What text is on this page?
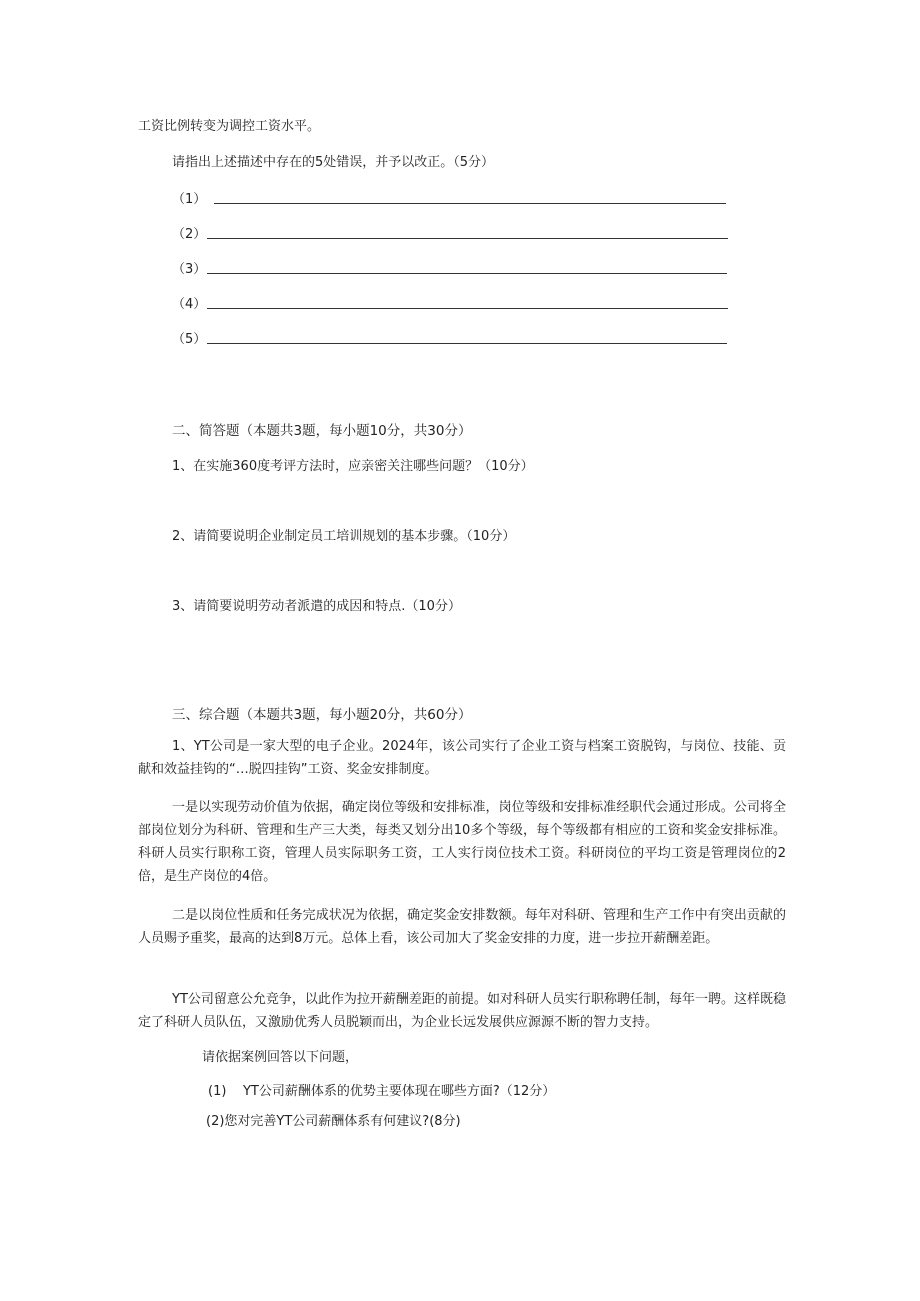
工资比例转变为调控工资水平。
请指出上述描述中存在的5处错误，并予以改正。（5分）
（1）
（2）
（3）
（4）
（5）
二、简答题（本题共3题，每小题10分，共30分）
1、在实施360度考评方法时，应亲密关注哪些问题？（10分）
2、请简要说明企业制定员工培训规划的基本步骤。（10分）
3、请简要说明劳动者派遣的成因和特点.（10分）
三、综合题（本题共3题，每小题20分，共60分）
1、YT公司是一家大型的电子企业。2024年，该公司实行了企业工资与档案工资脱钩，与岗位、技能、贡献和效益挂钩的“…脱四挂钩”工资、奖金安排制度。
一是以实现劳动价值为依据，确定岗位等级和安排标准，岗位等级和安排标准经职代会通过形成。公司将全部岗位划分为科研、管理和生产三大类，每类又划分出10多个等级，每个等级都有相应的工资和奖金安排标准。科研人员实行职称工资，管理人员实际职务工资，工人实行岗位技术工资。科研岗位的平均工资是管理岗位的2倍，是生产岗位的4倍。
二是以岗位性质和任务完成状况为依据，确定奖金安排数额。每年对科研、管理和生产工作中有突出贡献的人员赐予重奖，最高的达到8万元。总体上看，该公司加大了奖金安排的力度，进一步拉开薪酬差距。
YT公司留意公允竞争，以此作为拉开薪酬差距的前提。如对科研人员实行职称聘任制，每年一聘。这样既稳定了科研人员队伍，又激励优秀人员脱颖而出，为企业长远发展供应源源不断的智力支持。
请依据案例回答以下问题，
(1)    YT公司薪酬体系的优势主要体现在哪些方面?（12分）
(2)您对完善YT公司薪酬体系有何建议?(8分)
